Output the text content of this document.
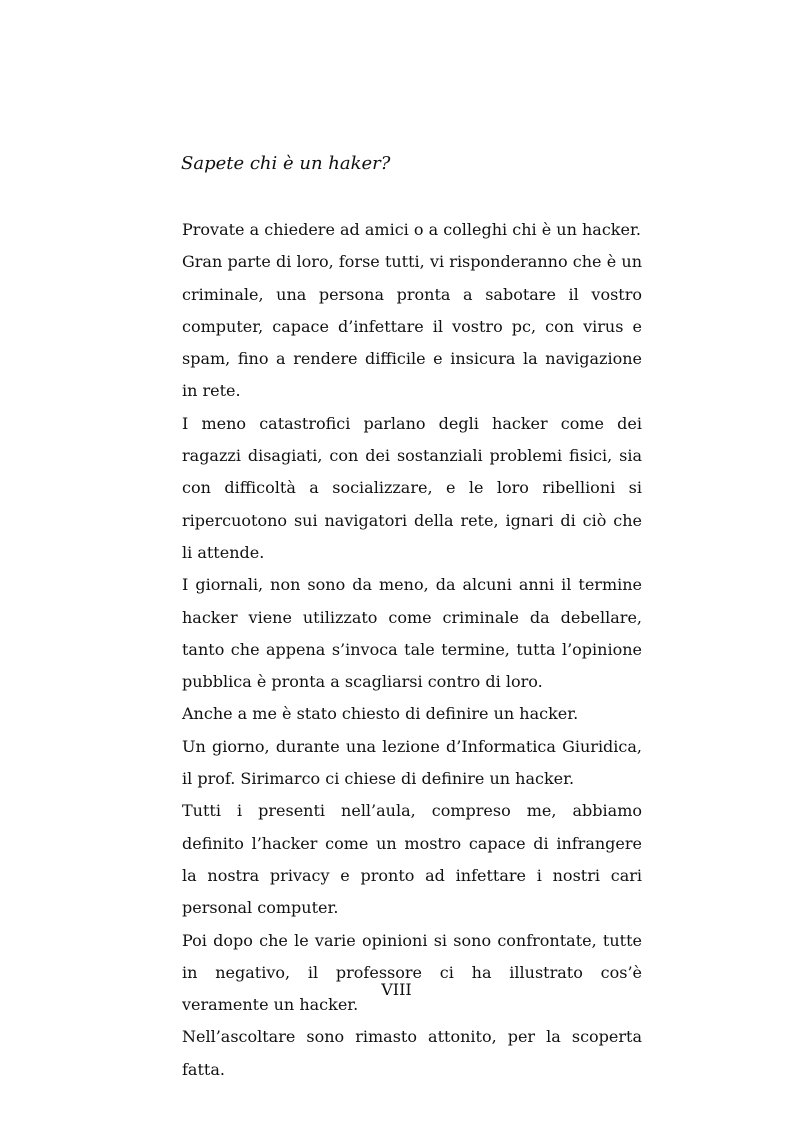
Sapete chi è un haker?

Provate a chiedere ad amici o a colleghi chi è un hacker.

Gran parte di loro, forse tutti, vi risponderanno che è un criminale, una persona pronta a sabotare il vostro computer, capace d’infettare il vostro pc, con virus e spam, fino a rendere difficile e insicura la navigazione in rete.

I meno catastrofici parlano degli hacker come dei ragazzi disagiati, con dei sostanziali problemi fisici, sia con difficoltà a socializzare, e le loro ribellioni si ripercuotono sui navigatori della rete, ignari di ciò che li attende.

I giornali, non sono da meno, da alcuni anni il termine hacker viene utilizzato come criminale da debellare, tanto che appena s’invoca tale termine, tutta l’opinione pubblica è pronta a scagliarsi contro di loro.

Anche a me è stato chiesto di definire un hacker.

Un giorno, durante una lezione d’Informatica Giuridica, il prof. Sirimarco ci chiese di definire un hacker.

Tutti i presenti nell’aula, compreso me, abbiamo definito l’hacker come un mostro capace di infrangere la nostra privacy e pronto ad infettare i nostri cari personal computer.

Poi dopo che le varie opinioni si sono confrontate, tutte in negativo, il professore ci ha illustrato cos’è veramente un hacker.

Nell’ascoltare sono rimasto attonito, per la scoperta fatta.

VIII
